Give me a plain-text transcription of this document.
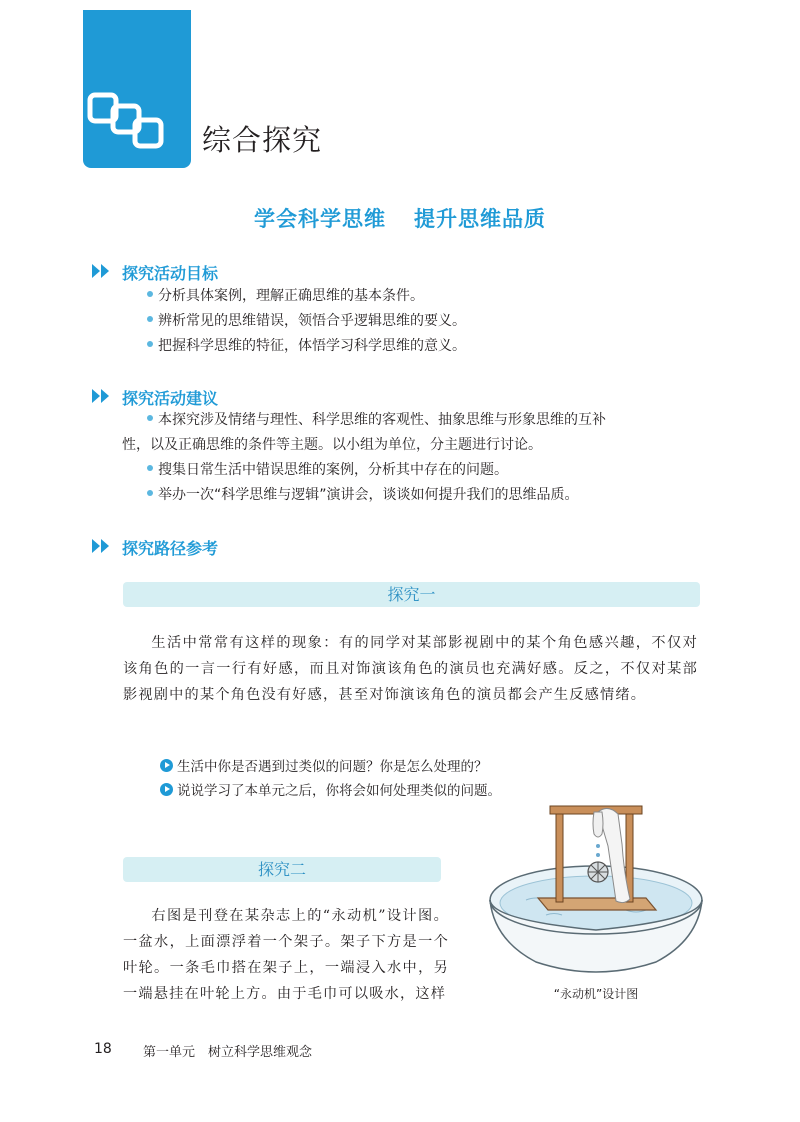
综合探究
学会科学思维 提升思维品质
探究活动目标
分析具体案例，理解正确思维的基本条件。
辨析常见的思维错误，领悟合乎逻辑思维的要义。
把握科学思维的特征，体悟学习科学思维的意义。
探究活动建议

本探究涉及情绪与理性、科学思维的客观性、抽象思维与形象思维的互补

性，以及正确思维的条件等主题。以小组为单位，分主题进行讨论。

搜集日常生活中错误思维的案例，分析其中存在的问题。
举办一次“科学思维与逻辑”演讲会，谈谈如何提升我们的思维品质。
探究路径参考
探究一

生活中常常有这样的现象：有的同学对某部影视剧中的某个角色感兴趣，不仅对该角色的一言一行有好感，而且对饰演该角色的演员也充满好感。反之，不仅对某部影视剧中的某个角色没有好感，甚至对饰演该角色的演员都会产生反感情绪。

生活中你是否遇到过类似的问题？你是怎么处理的？
说说学习了本单元之后，你将会如何处理类似的问题。
探究二

右图是刊登在某杂志上的“永动机”设计图。一盆水，上面漂浮着一个架子。架子下方是一个叶轮。一条毛巾搭在架子上，一端浸入水中，另一端悬挂在叶轮上方。由于毛巾可以吸水，这样	“永动机”设计图
18 第一单元 树立科学思维观念
